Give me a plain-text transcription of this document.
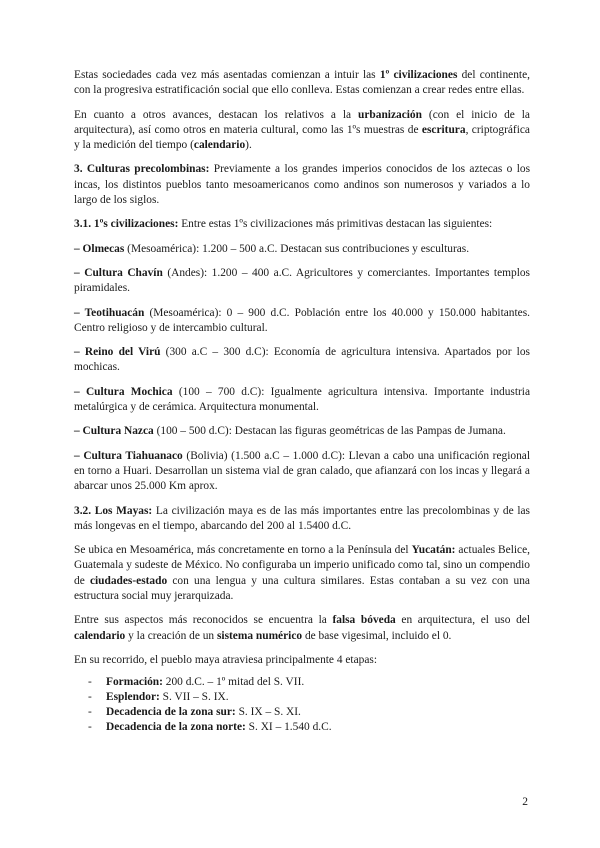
Estas sociedades cada vez más asentadas comienzan a intuir las 1º civilizaciones del continente, con la progresiva estratificación social que ello conlleva. Estas comienzan a crear redes entre ellas.

En cuanto a otros avances, destacan los relativos a la urbanización (con el inicio de la arquitectura), así como otros en materia cultural, como las 1ºs muestras de escritura, criptográfica y la medición del tiempo (calendario).

3. Culturas precolombinas: Previamente a los grandes imperios conocidos de los aztecas o los incas, los distintos pueblos tanto mesoamericanos como andinos son numerosos y variados a lo largo de los siglos.

3.1. 1ºs civilizaciones: Entre estas 1ºs civilizaciones más primitivas destacan las siguientes:

– Olmecas (Mesoamérica): 1.200 – 500 a.C. Destacan sus contribuciones y esculturas.

– Cultura Chavín (Andes): 1.200 – 400 a.C. Agricultores y comerciantes. Importantes templos piramidales.

– Teotihuacán (Mesoamérica): 0 – 900 d.C. Población entre los 40.000 y 150.000 habitantes. Centro religioso y de intercambio cultural.

– Reino del Virú (300 a.C – 300 d.C): Economía de agricultura intensiva. Apartados por los mochicas.

– Cultura Mochica (100 – 700 d.C): Igualmente agricultura intensiva. Importante industria metalúrgica y de cerámica. Arquitectura monumental.

– Cultura Nazca (100 – 500 d.C): Destacan las figuras geométricas de las Pampas de Jumana.

– Cultura Tiahuanaco (Bolivia) (1.500 a.C – 1.000 d.C): Llevan a cabo una unificación regional en torno a Huari. Desarrollan un sistema vial de gran calado, que afianzará con los incas y llegará a abarcar unos 25.000 Km aprox.

3.2. Los Mayas: La civilización maya es de las más importantes entre las precolombinas y de las más longevas en el tiempo, abarcando del 200 al 1.5400 d.C.

Se ubica en Mesoamérica, más concretamente en torno a la Península del Yucatán: actuales Belice, Guatemala y sudeste de México. No configuraba un imperio unificado como tal, sino un compendio de ciudades-estado con una lengua y una cultura similares. Estas contaban a su vez con una estructura social muy jerarquizada.

Entre sus aspectos más reconocidos se encuentra la falsa bóveda en arquitectura, el uso del calendario y la creación de un sistema numérico de base vigesimal, incluido el 0.

En su recorrido, el pueblo maya atraviesa principalmente 4 etapas:

- Formación: 200 d.C. – 1º mitad del S. VII.
- Esplendor: S. VII – S. IX.
- Decadencia de la zona sur: S. IX – S. XI.
- Decadencia de la zona norte: S. XI – 1.540 d.C.
2
